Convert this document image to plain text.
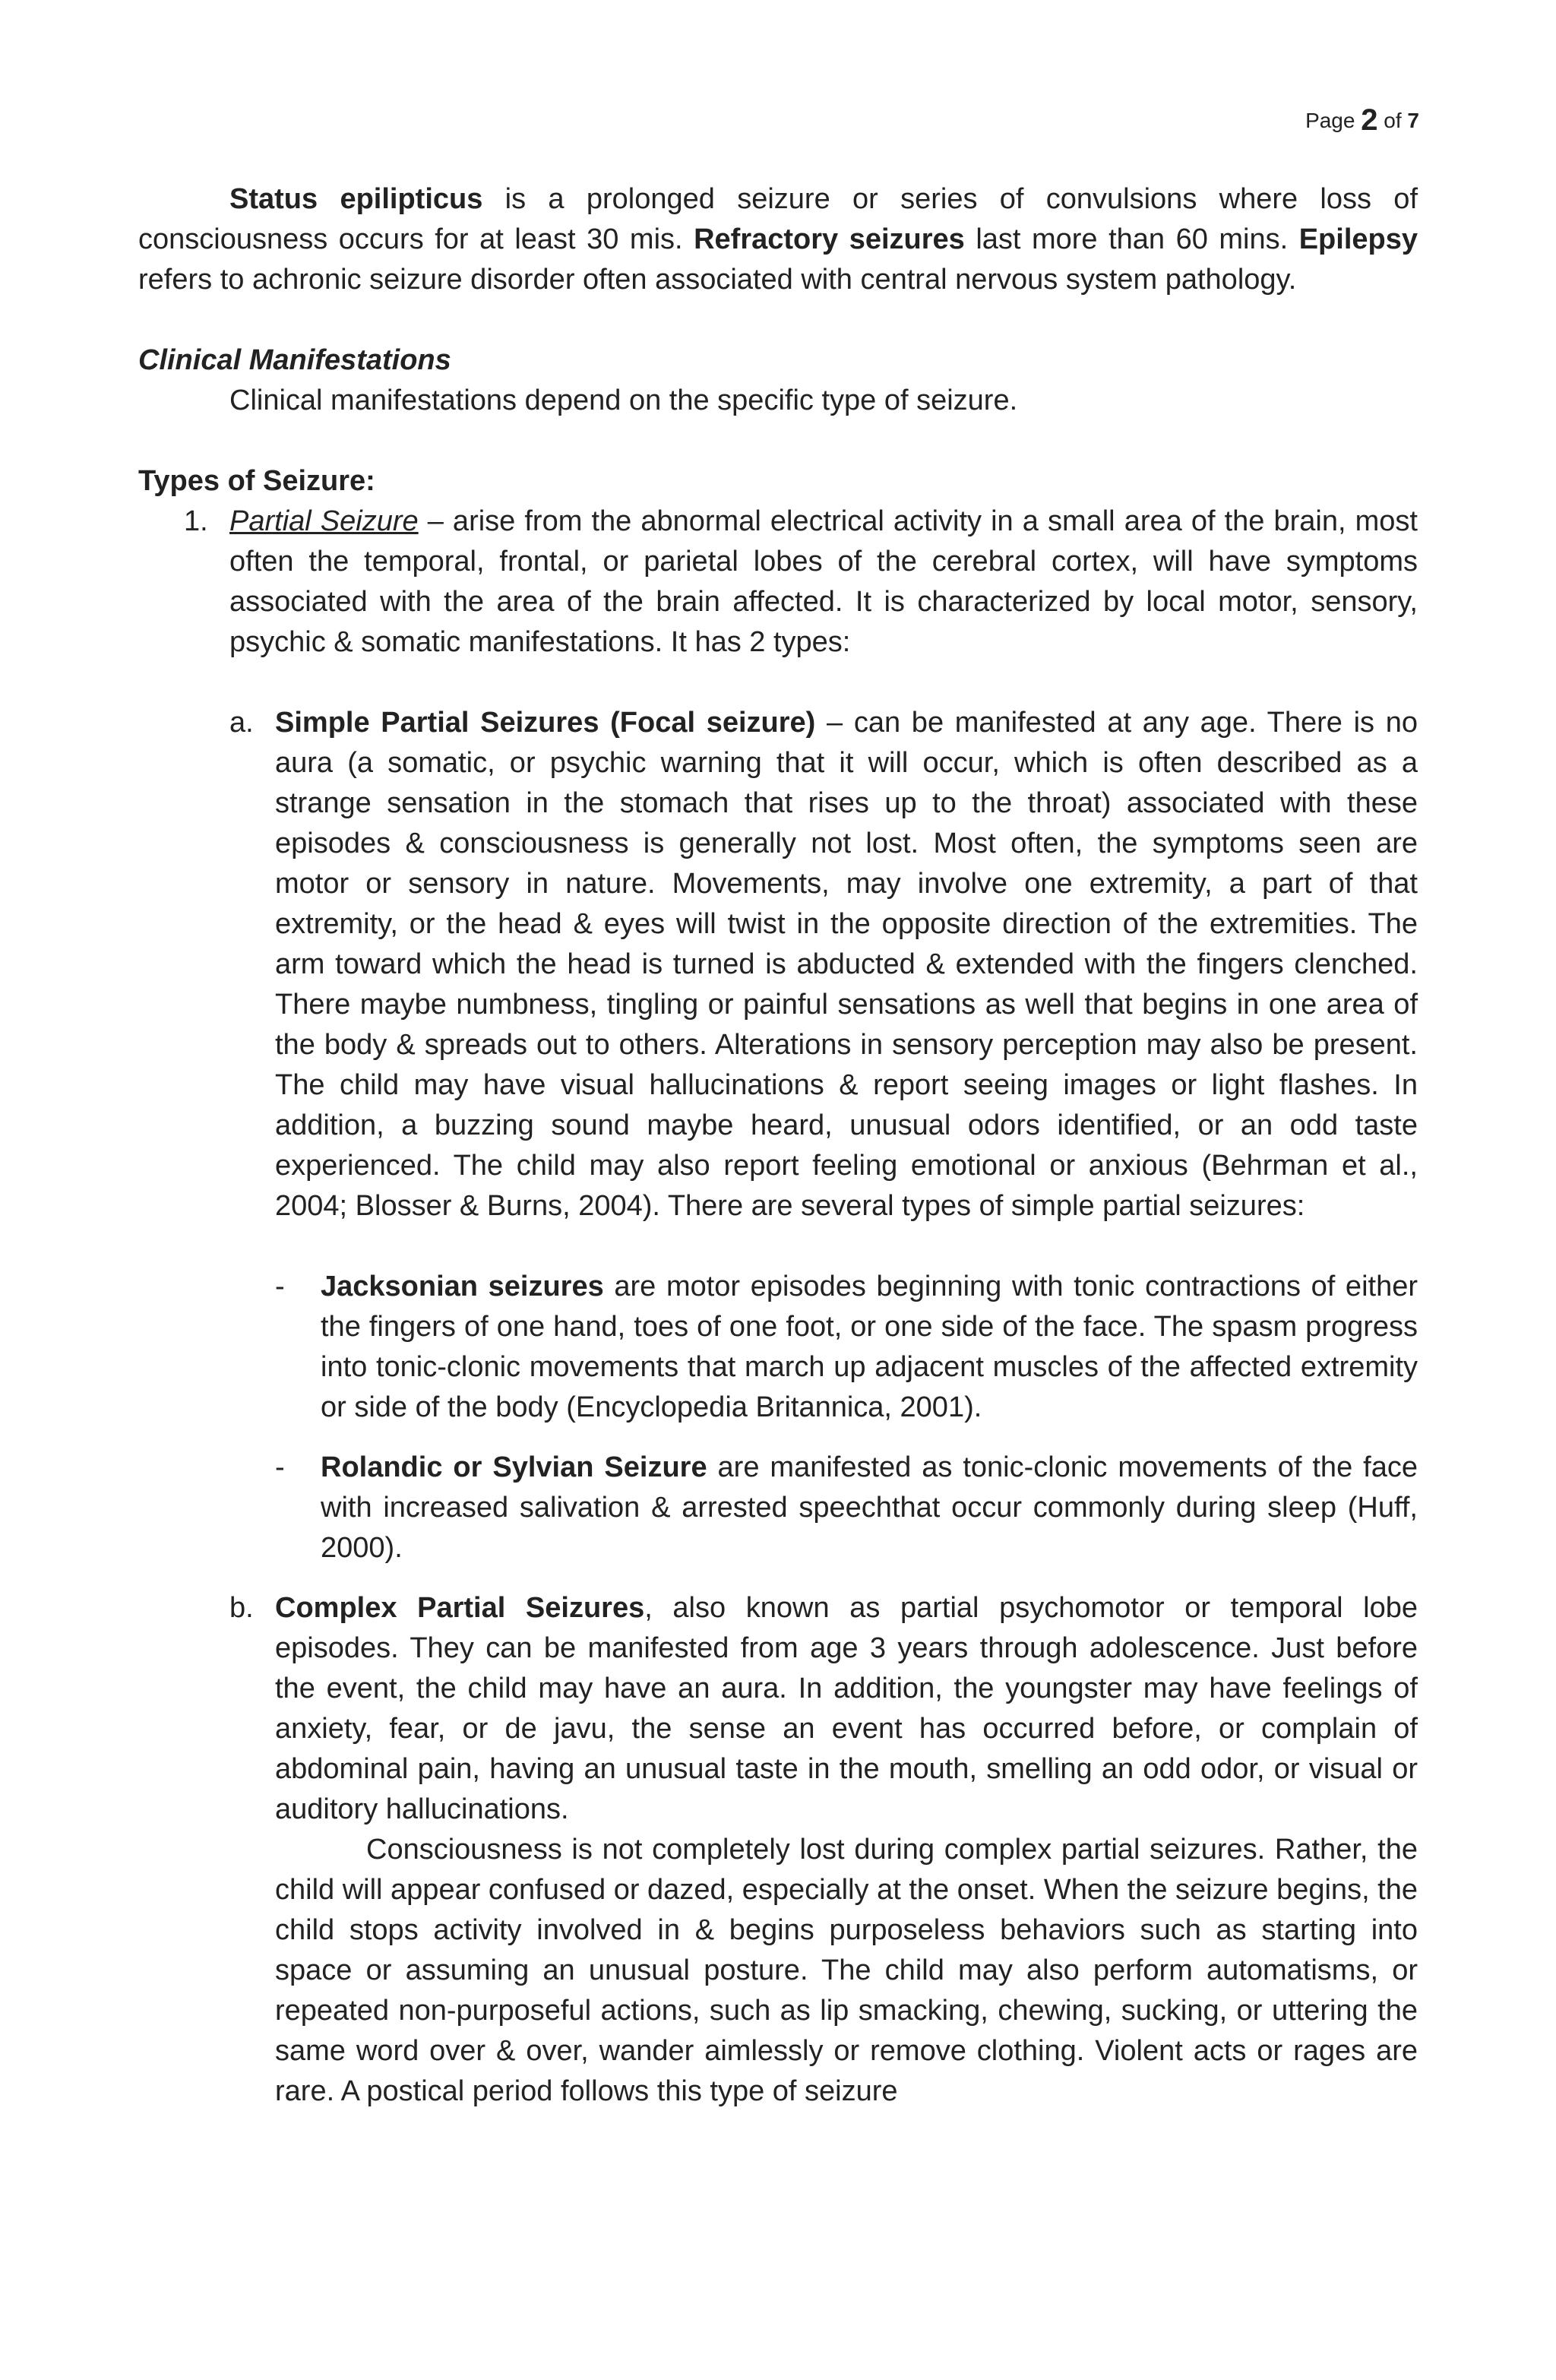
Page 2 of 7

Status epilipticus is a prolonged seizure or series of convulsions where loss of consciousness occurs for at least 30 mis. Refractory seizures last more than 60 mins. Epilepsy refers to achronic seizure disorder often associated with central nervous system pathology.

Clinical Manifestations

Clinical manifestations depend on the specific type of seizure.

Types of Seizure:

1. Partial Seizure – arise from the abnormal electrical activity in a small area of the brain, most often the temporal, frontal, or parietal lobes of the cerebral cortex, will have symptoms associated with the area of the brain affected. It is characterized by local motor, sensory, psychic & somatic manifestations. It has 2 types:
a. Simple Partial Seizures (Focal seizure) – can be manifested at any age. There is no aura (a somatic, or psychic warning that it will occur, which is often described as a strange sensation in the stomach that rises up to the throat) associated with these episodes & consciousness is generally not lost. Most often, the symptoms seen are motor or sensory in nature. Movements, may involve one extremity, a part of that extremity, or the head & eyes will twist in the opposite direction of the extremities. The arm toward which the head is turned is abducted & extended with the fingers clenched. There maybe numbness, tingling or painful sensations as well that begins in one area of the body & spreads out to others. Alterations in sensory perception may also be present. The child may have visual hallucinations & report seeing images or light flashes. In addition, a buzzing sound maybe heard, unusual odors identified, or an odd taste experienced. The child may also report feeling emotional or anxious (Behrman et al., 2004; Blosser & Burns, 2004). There are several types of simple partial seizures:
- Jacksonian seizures are motor episodes beginning with tonic contractions of either the fingers of one hand, toes of one foot, or one side of the face. The spasm progress into tonic-clonic movements that march up adjacent muscles of the affected extremity or side of the body (Encyclopedia Britannica, 2001).
- Rolandic or Sylvian Seizure are manifested as tonic-clonic movements of the face with increased salivation & arrested speechthat occur commonly during sleep (Huff, 2000).
b. Complex Partial Seizures, also known as partial psychomotor or temporal lobe episodes. They can be manifested from age 3 years through adolescence. Just before the event, the child may have an aura. In addition, the youngster may have feelings of anxiety, fear, or de javu, the sense an event has occurred before, or complain of abdominal pain, having an unusual taste in the mouth, smelling an odd odor, or visual or auditory hallucinations.

Consciousness is not completely lost during complex partial seizures. Rather, the child will appear confused or dazed, especially at the onset. When the seizure begins, the child stops activity involved in & begins purposeless behaviors such as starting into space or assuming an unusual posture. The child may also perform automatisms, or repeated non-purposeful actions, such as lip smacking, chewing, sucking, or uttering the same word over & over, wander aimlessly or remove clothing. Violent acts or rages are rare. A postical period follows this type of seizure
